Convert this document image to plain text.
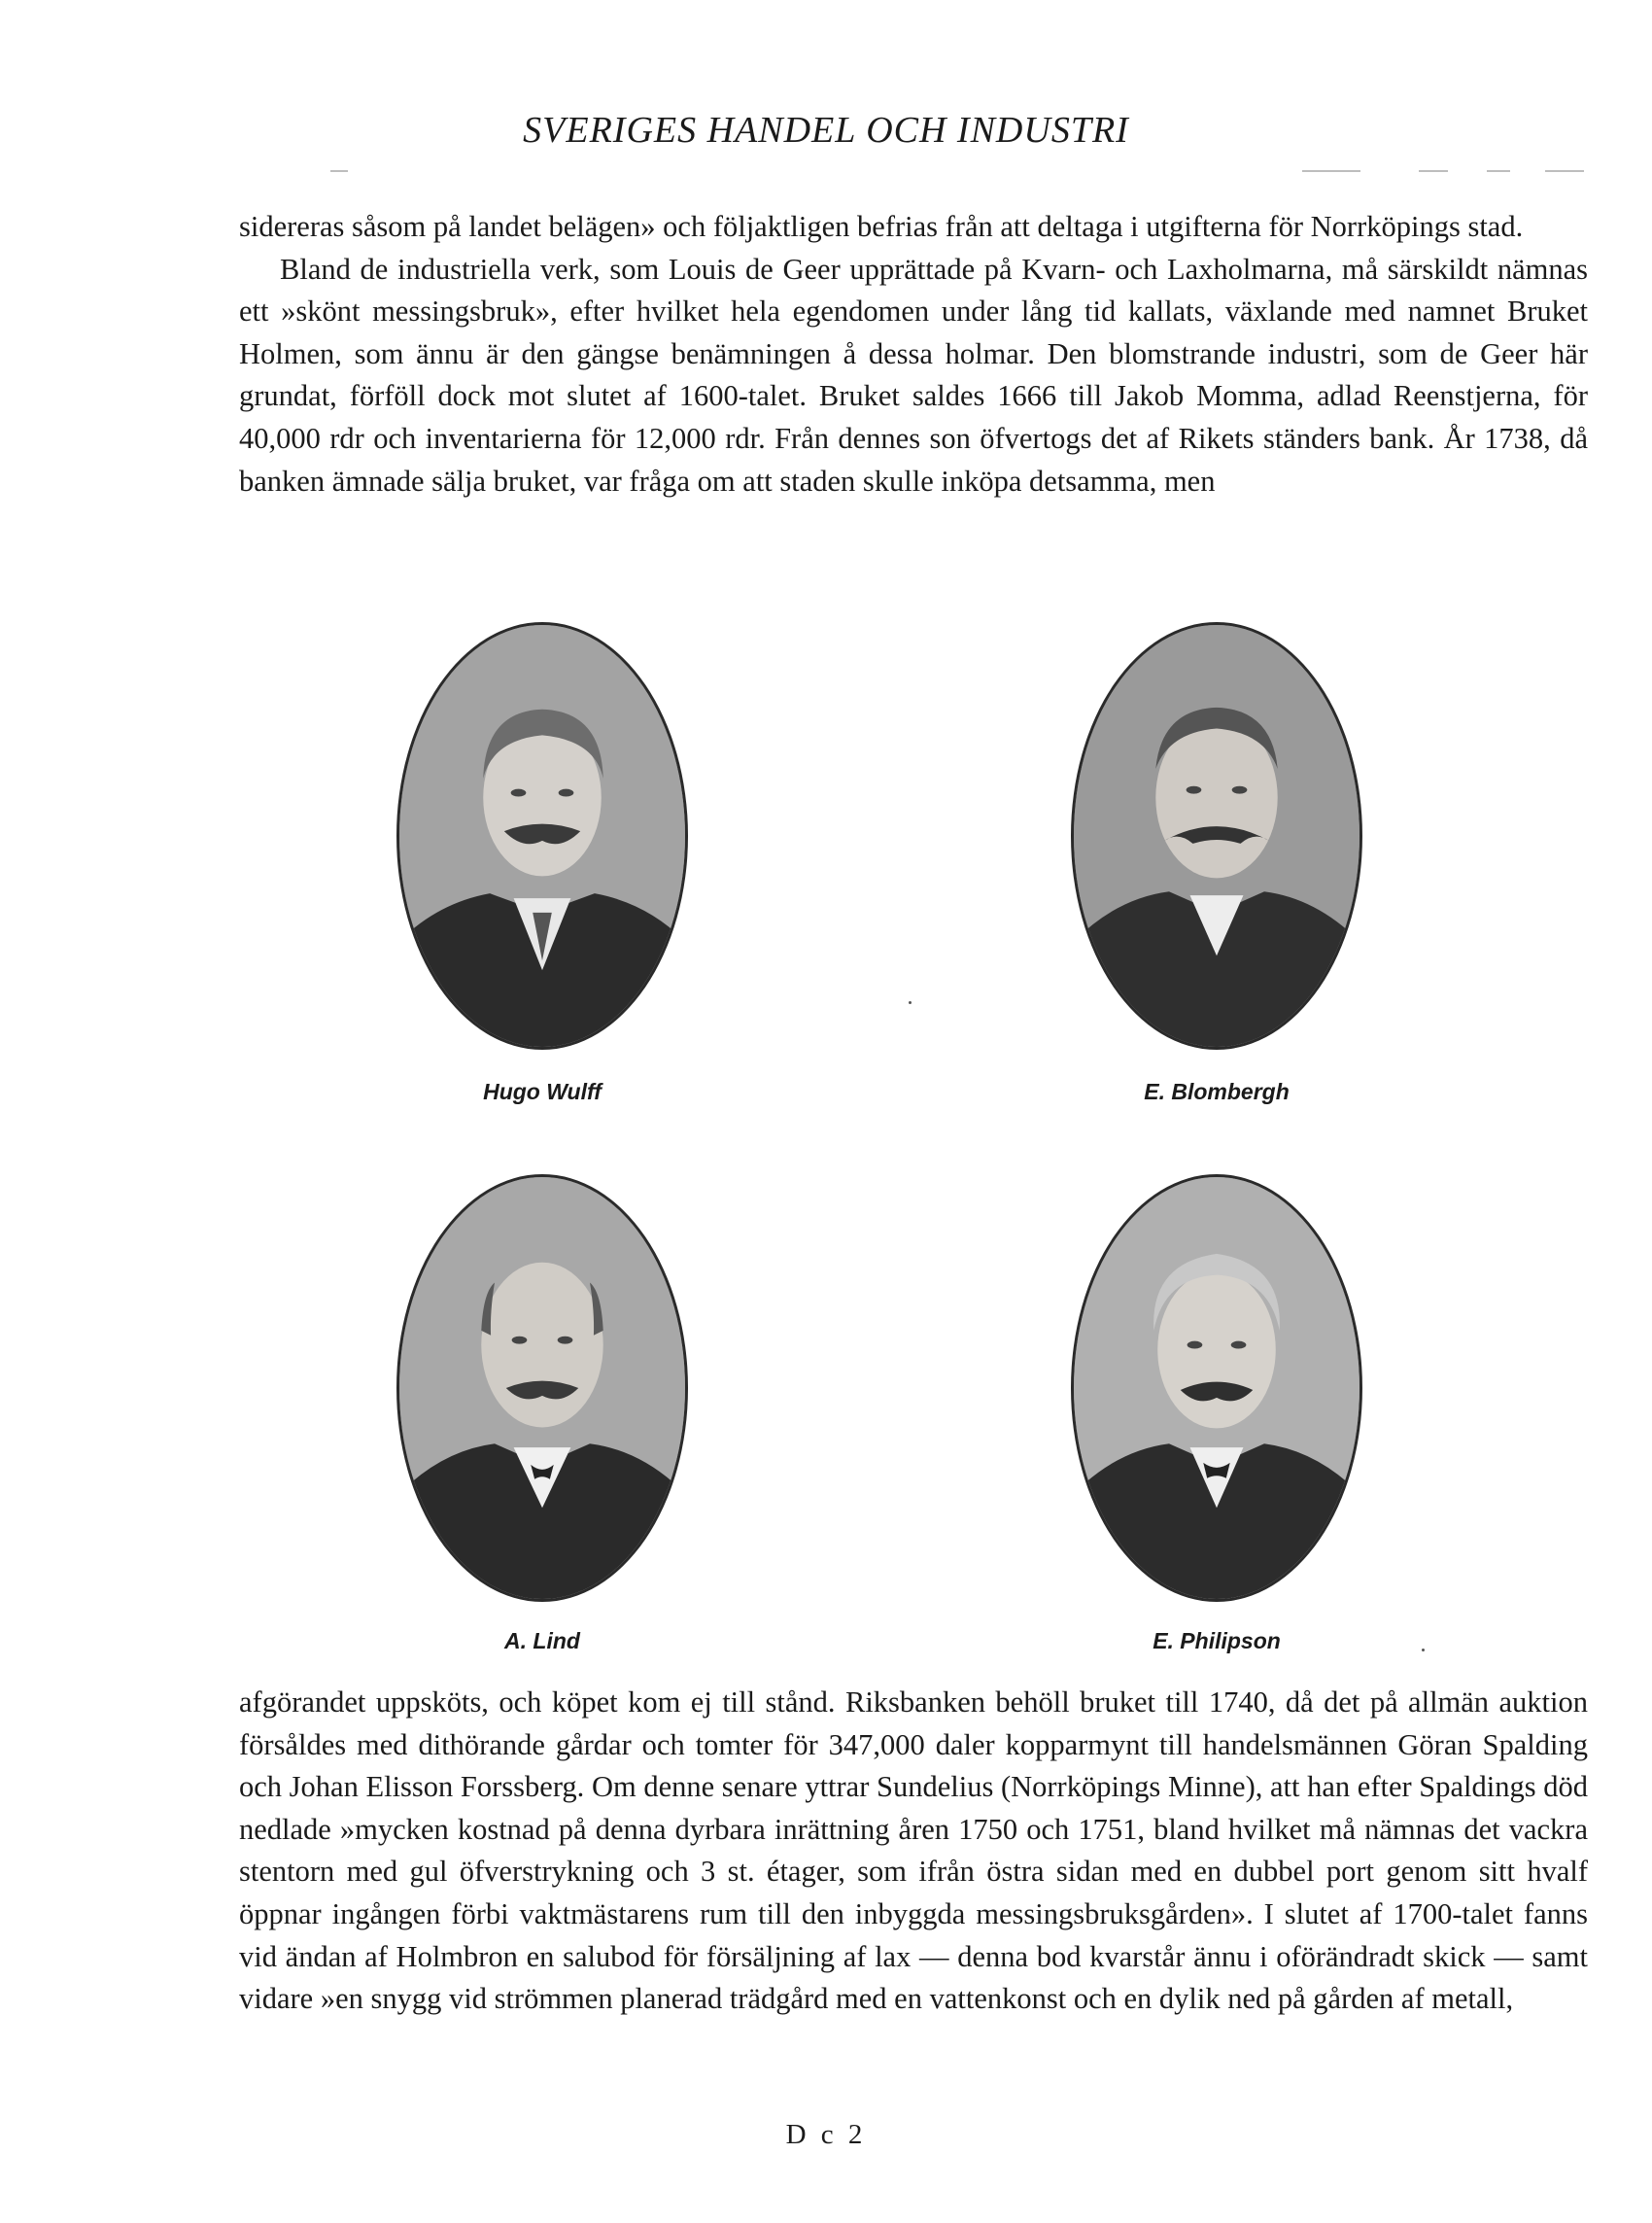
SVERIGES HANDEL OCH INDUSTRI

sidereras såsom på landet belägen» och följaktligen befrias från att deltaga i utgifterna för Norrköpings stad.

Bland de industriella verk, som Louis de Geer upprättade på Kvarn- och Laxholmarna, må särskildt nämnas ett »skönt messingsbruk», efter hvilket hela egendomen under lång tid kallats, växlande med namnet Bruket Holmen, som ännu är den gängse benämningen å dessa holmar. Den blomstrande industri, som de Geer här grundat, förföll dock mot slutet af 1600-talet. Bruket saldes 1666 till Jakob Momma, adlad Reenstjerna, för 40,000 rdr och inventarierna för 12,000 rdr. Från dennes son öfvertogs det af Rikets ständers bank. År 1738, då banken ämnade sälja bruket, var fråga om att staden skulle inköpa detsamma, men

Hugo Wulff	E. Blombergh
A. Lind	E. Philipson

afgörandet uppsköts, och köpet kom ej till stånd. Riksbanken behöll bruket till 1740, då det på allmän auktion försåldes med dithörande gårdar och tomter för 347,000 daler kopparmynt till handelsmännen Göran Spalding och Johan Elisson Forssberg. Om denne senare yttrar Sundelius (Norrköpings Minne), att han efter Spaldings död nedlade »mycken kostnad på denna dyrbara inrättning åren 1750 och 1751, bland hvilket må nämnas det vackra stentorn med gul öfverstrykning och 3 st. étager, som ifrån östra sidan med en dubbel port genom sitt hvalf öppnar ingången förbi vaktmästarens rum till den inbyggda messingsbruksgården». I slutet af 1700-talet fanns vid ändan af Holmbron en salubod för försäljning af lax — denna bod kvarstår ännu i oförändradt skick — samt vidare »en snygg vid strömmen planerad trädgård med en vattenkonst och en dylik ned på gården af metall,

D c 2
